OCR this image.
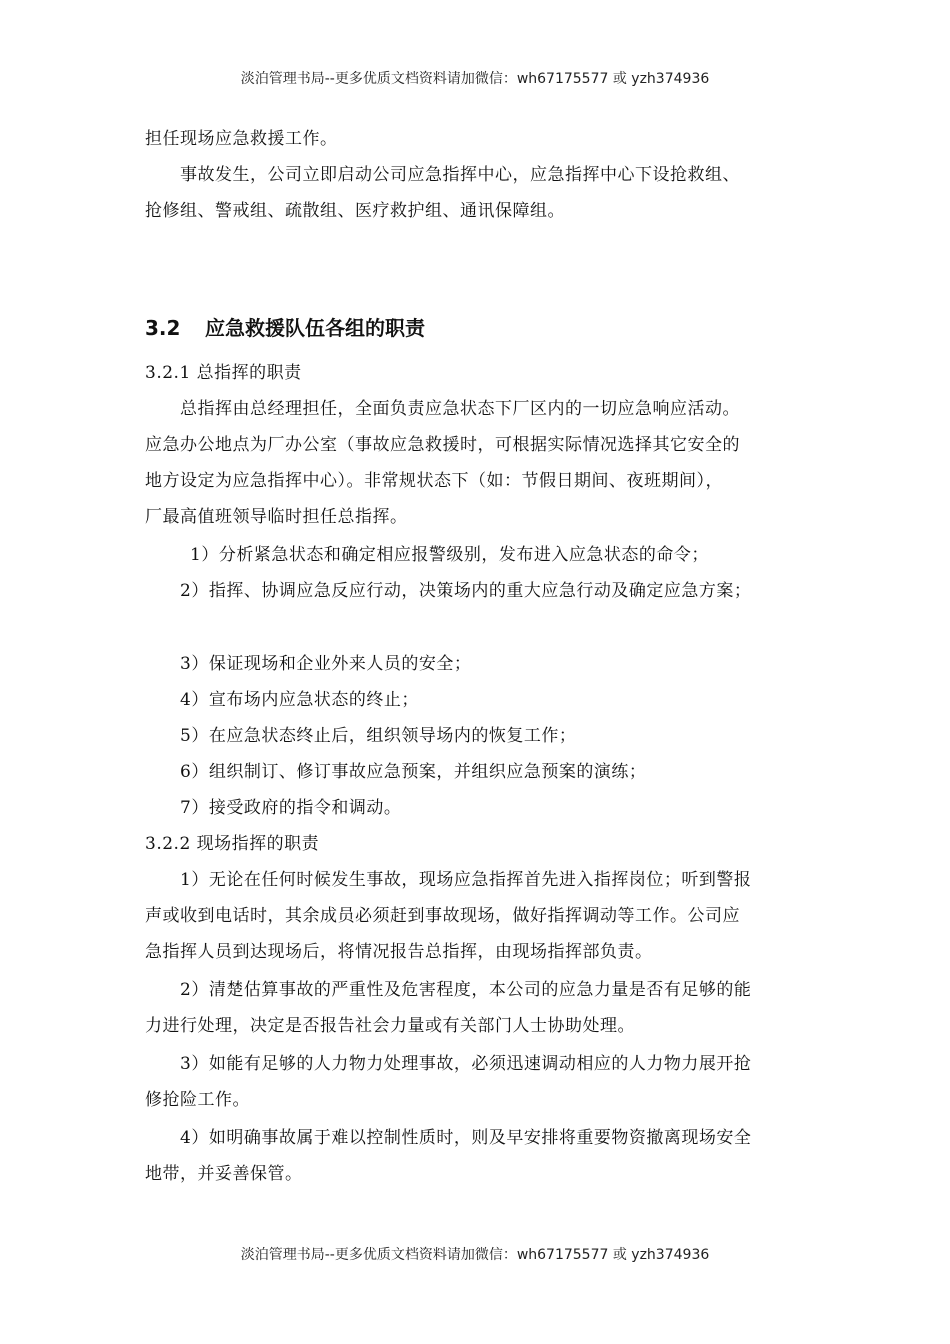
淡泊管理书局--更多优质文档资料请加微信：wh67175577 或 yzh374936
担任现场应急救援工作。
事故发生，公司立即启动公司应急指挥中心，应急指挥中心下设抢救组、
抢修组、警戒组、疏散组、医疗救护组、通讯保障组。
3.2 应急救援队伍各组的职责
3.2.1 总指挥的职责
总指挥由总经理担任，全面负责应急状态下厂区内的一切应急响应活动。
应急办公地点为厂办公室（事故应急救援时，可根据实际情况选择其它安全的
地方设定为应急指挥中心）。非常规状态下（如：节假日期间、夜班期间），
厂最高值班领导临时担任总指挥。
1）分析紧急状态和确定相应报警级别，发布进入应急状态的命令；
2）指挥、协调应急反应行动，决策场内的重大应急行动及确定应急方案；
3）保证现场和企业外来人员的安全；
4）宣布场内应急状态的终止；
5）在应急状态终止后，组织领导场内的恢复工作；
6）组织制订、修订事故应急预案，并组织应急预案的演练；
7）接受政府的指令和调动。
3.2.2 现场指挥的职责
1）无论在任何时候发生事故，现场应急指挥首先进入指挥岗位；听到警报
声或收到电话时，其余成员必须赶到事故现场，做好指挥调动等工作。公司应
急指挥人员到达现场后，将情况报告总指挥，由现场指挥部负责。
2）清楚估算事故的严重性及危害程度，本公司的应急力量是否有足够的能
力进行处理，决定是否报告社会力量或有关部门人士协助处理。
3）如能有足够的人力物力处理事故，必须迅速调动相应的人力物力展开抢
修抢险工作。
4）如明确事故属于难以控制性质时，则及早安排将重要物资撤离现场安全
地带，并妥善保管。
淡泊管理书局--更多优质文档资料请加微信：wh67175577 或 yzh374936
